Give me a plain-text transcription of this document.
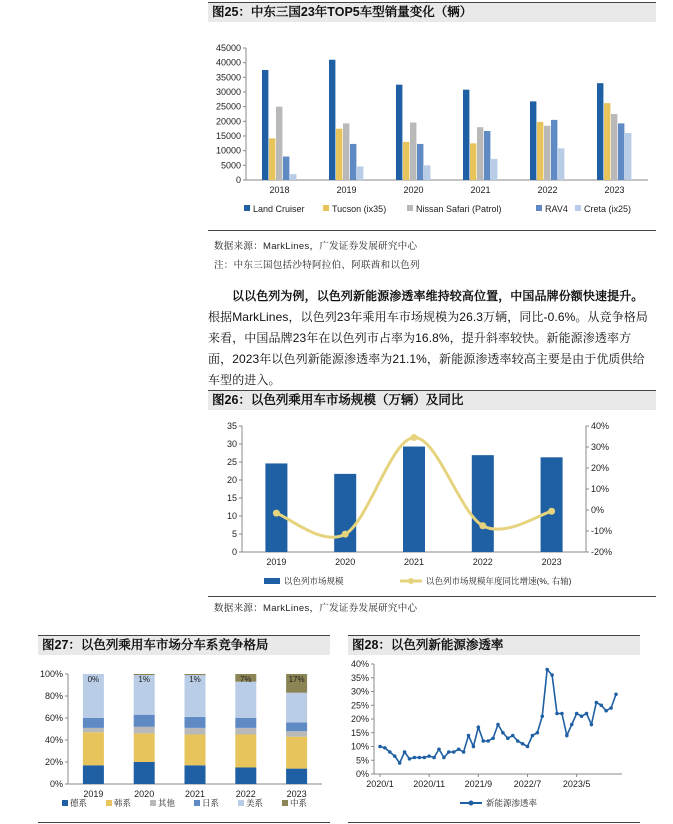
图25：中东三国23年TOP5车型销量变化（辆）
0
5000
10000
15000
20000
25000
30000
35000
40000
45000
2018	2019	2020	2021	2022	2023
Land Cruiser	Tucson (ix35)	Nissan Safari (Patrol)	RAV4 Creta (ix25)
数据来源：MarkLines，广发证券发展研究中心
注：中东三国包括沙特阿拉伯、阿联酋和以色列
以以色列为例，以色列新能源渗透率维持较高位置，中国品牌份额快速提升。根据MarkLines，以色列23年乘用车市场规模为26.3万辆，同比-0.6%。从竞争格局来看，中国品牌23年在以色列市占率为16.8%，提升斜率较快。新能源渗透率方面，2023年以色列新能源渗透率为21.1%，新能源渗透率较高主要是由于优质供给车型的进入。
图26：以色列乘用车市场规模（万辆）及同比
0
5
10
15
20
25
30
35
-20%
-10%
0%
10%
20%
30%
40%
2019	2020	2021	2022	2023
以色列市场规模	以色列市场规模年度同比增速(%, 右轴)
数据来源：MarkLines，广发证券发展研究中心
图27：以色列乘用车市场分车系竞争格局
0%
20%
40%
60%
80%
100%
2019
0%
2020
1%
2021
1%
2022
7%
2023
17%
德系	韩系	其他	日系	美系	中系
图28：以色列新能源渗透率
0%
5%
10%
15%
20%
25%
30%
35%
40%
2020/1 2020/11 2021/9 2022/7 2023/5
新能源渗透率
